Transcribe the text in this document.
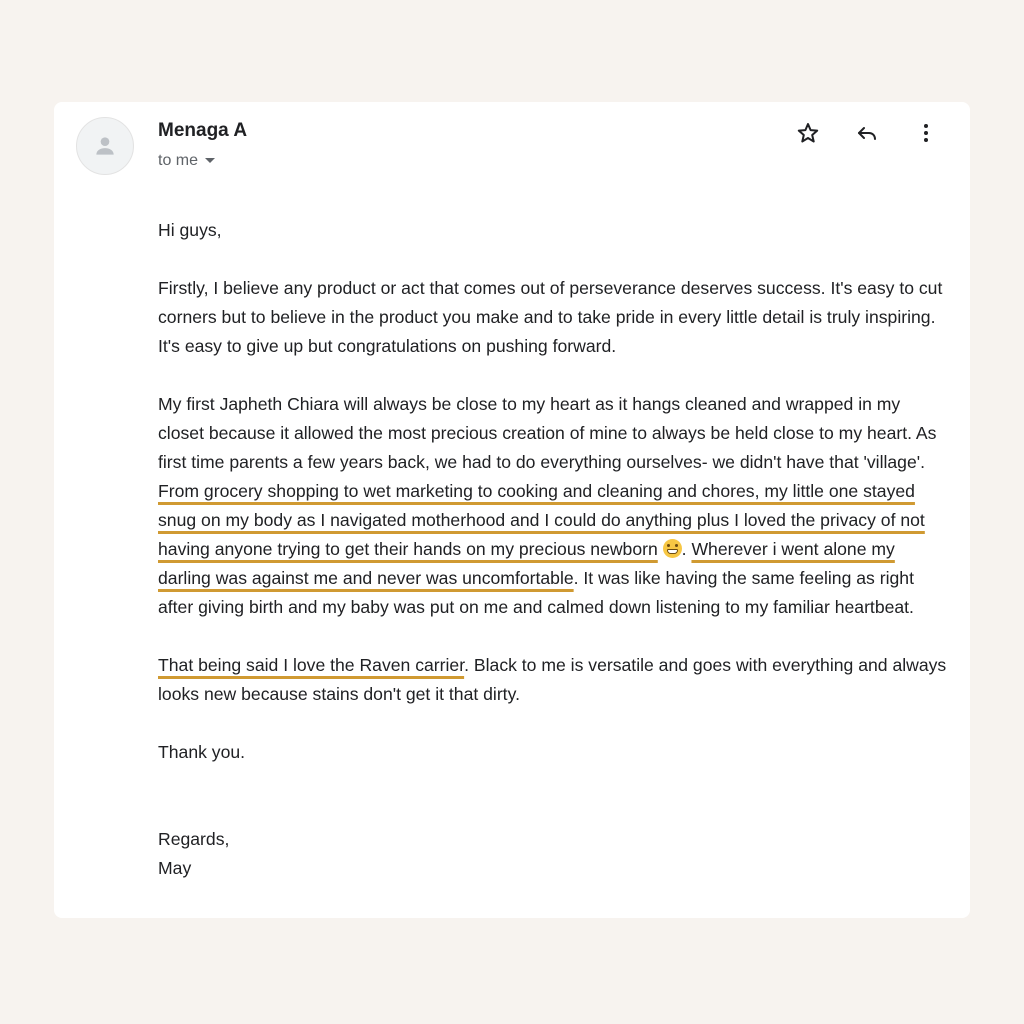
Menaga A
to me

Hi guys,

Firstly, I believe any product or act that comes out of perseverance deserves success. It's easy to cut corners but to believe in the product you make and to take pride in every little detail is truly inspiring. It's easy to give up but congratulations on pushing forward.

My first Japheth Chiara will always be close to my heart as it hangs cleaned and wrapped in my closet because it allowed the most precious creation of mine to always be held close to my heart. As first time parents a few years back, we had to do everything ourselves- we didn't have that 'village'. From grocery shopping to wet marketing to cooking and cleaning and chores, my little one stayed snug on my body as I navigated motherhood and I could do anything plus I loved the privacy of not having anyone trying to get their hands on my precious newborn . Wherever i went alone my darling was against me and never was uncomfortable. It was like having the same feeling as right after giving birth and my baby was put on me and calmed down listening to my familiar heartbeat.

That being said I love the Raven carrier. Black to me is versatile and goes with everything and always looks new because stains don't get it that dirty.

Thank you.

Regards,
May
